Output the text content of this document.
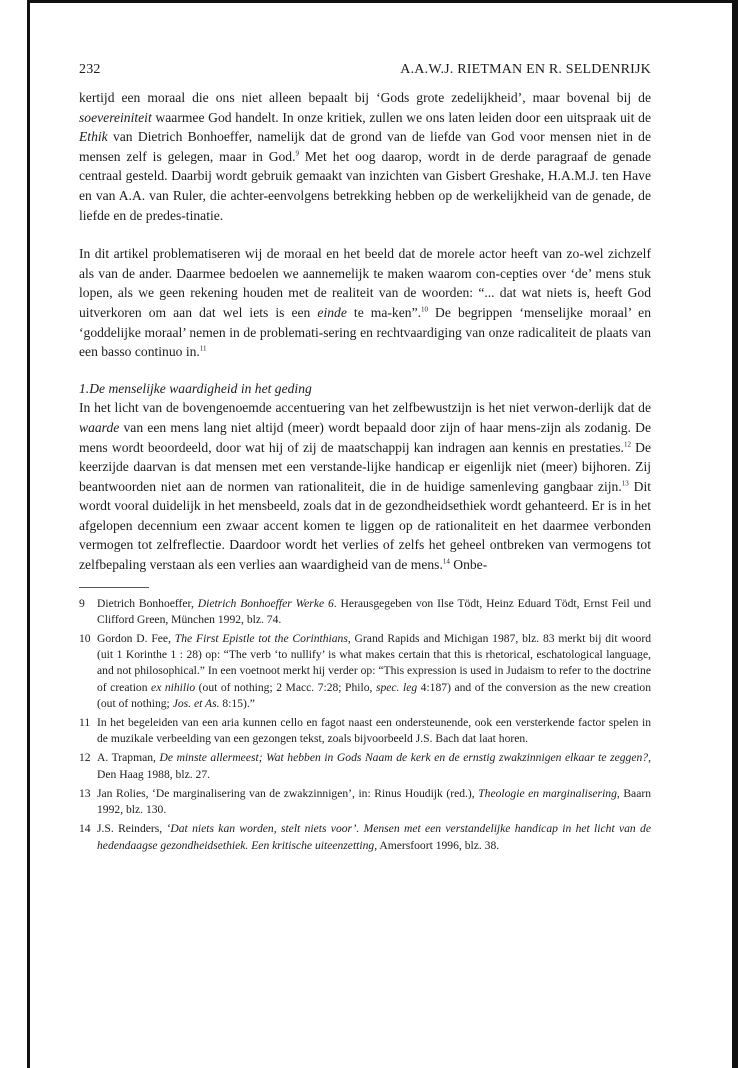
232	A.A.W.J. RIETMAN EN R. SELDENRIJK

kertijd een moraal die ons niet alleen bepaalt bij ‘Gods grote zedelijkheid’, maar bovenal bij de soevereiniteit waarmee God handelt. In onze kritiek, zullen we ons laten leiden door een uitspraak uit de Ethik van Dietrich Bonhoeffer, namelijk dat de grond van de liefde van God voor mensen niet in de mensen zelf is gelegen, maar in God.$^9$ Met het oog daarop, wordt in de derde paragraaf de genade centraal gesteld. Daarbij wordt gebruik gemaakt van inzichten van Gisbert Greshake, H.A.M.J. ten Have en van A.A. van Ruler, die achter-eenvolgens betrekking hebben op de werkelijkheid van de genade, de liefde en de predes-tinatie.

In dit artikel problematiseren wij de moraal en het beeld dat de morele actor heeft van zo-wel zichzelf als van de ander. Daarmee bedoelen we aannemelijk te maken waarom con-cepties over ‘de’ mens stuk lopen, als we geen rekening houden met de realiteit van de woorden: “... dat wat niets is, heeft God uitverkoren om aan dat wel iets is een einde te ma-ken”.$^{10}$ De begrippen ‘menselijke moraal’ en ‘goddelijke moraal’ nemen in de problemati-sering en rechtvaardiging van onze radicaliteit de plaats van een basso continuo in.$^{11}$

1.De menselijke waardigheid in het geding

In het licht van de bovengenoemde accentuering van het zelfbewustzijn is het niet verwon-derlijk dat de waarde van een mens lang niet altijd (meer) wordt bepaald door zijn of haar mens-zijn als zodanig. De mens wordt beoordeeld, door wat hij of zij de maatschappij kan indragen aan kennis en prestaties.$^{12}$ De keerzijde daarvan is dat mensen met een verstande-lijke handicap er eigenlijk niet (meer) bijhoren. Zij beantwoorden niet aan de normen van rationaliteit, die in de huidige samenleving gangbaar zijn.$^{13}$ Dit wordt vooral duidelijk in het mensbeeld, zoals dat in de gezondheidsethiek wordt gehanteerd. Er is in het afgelopen decennium een zwaar accent komen te liggen op de rationaliteit en het daarmee verbonden vermogen tot zelfreflectie. Daardoor wordt het verlies of zelfs het geheel ontbreken van vermogens tot zelfbepaling verstaan als een verlies aan waardigheid van de mens.$^{14}$ Onbe-

9	Dietrich Bonhoeffer, Dietrich Bonhoeffer Werke 6. Herausgegeben von Ilse Tödt, Heinz Eduard Tödt, Ernst Feil und Clifford Green, München 1992, blz. 74.
10 Gordon D. Fee, The First Epistle tot the Corinthians, Grand Rapids and Michigan 1987, blz. 83 merkt bij dit woord (uit 1 Korinthe 1 : 28) op: “The verb ‘to nullify’ is what makes certain that this is rhetorical, eschatological language, and not philosophical.” In een voetnoot merkt hij verder op: “This expression is used in Judaism to refer to the doctrine of creation ex nihilio (out of nothing; 2 Macc. 7:28; Philo, spec. leg 4:187) and of the conversion as the new creation (out of nothing; Jos. et As. 8:15).”
11 In het begeleiden van een aria kunnen cello en fagot naast een ondersteunende, ook een versterkende factor spelen in de muzikale verbeelding van een gezongen tekst, zoals bijvoorbeeld J.S. Bach dat laat horen.
12 A. Trapman, De minste allermeest; Wat hebben in Gods Naam de kerk en de ernstig zwakzinnigen elkaar te zeggen?, Den Haag 1988, blz. 27.
13 Jan Rolies, ‘De marginalisering van de zwakzinnigen’, in: Rinus Houdijk (red.), Theologie en marginalisering, Baarn 1992, blz. 130.
14 J.S. Reinders, ‘Dat niets kan worden, stelt niets voor’. Mensen met een verstandelijke handicap in het licht van de hedendaagse gezondheidsethiek. Een kritische uiteenzetting, Amersfoort 1996, blz. 38.
